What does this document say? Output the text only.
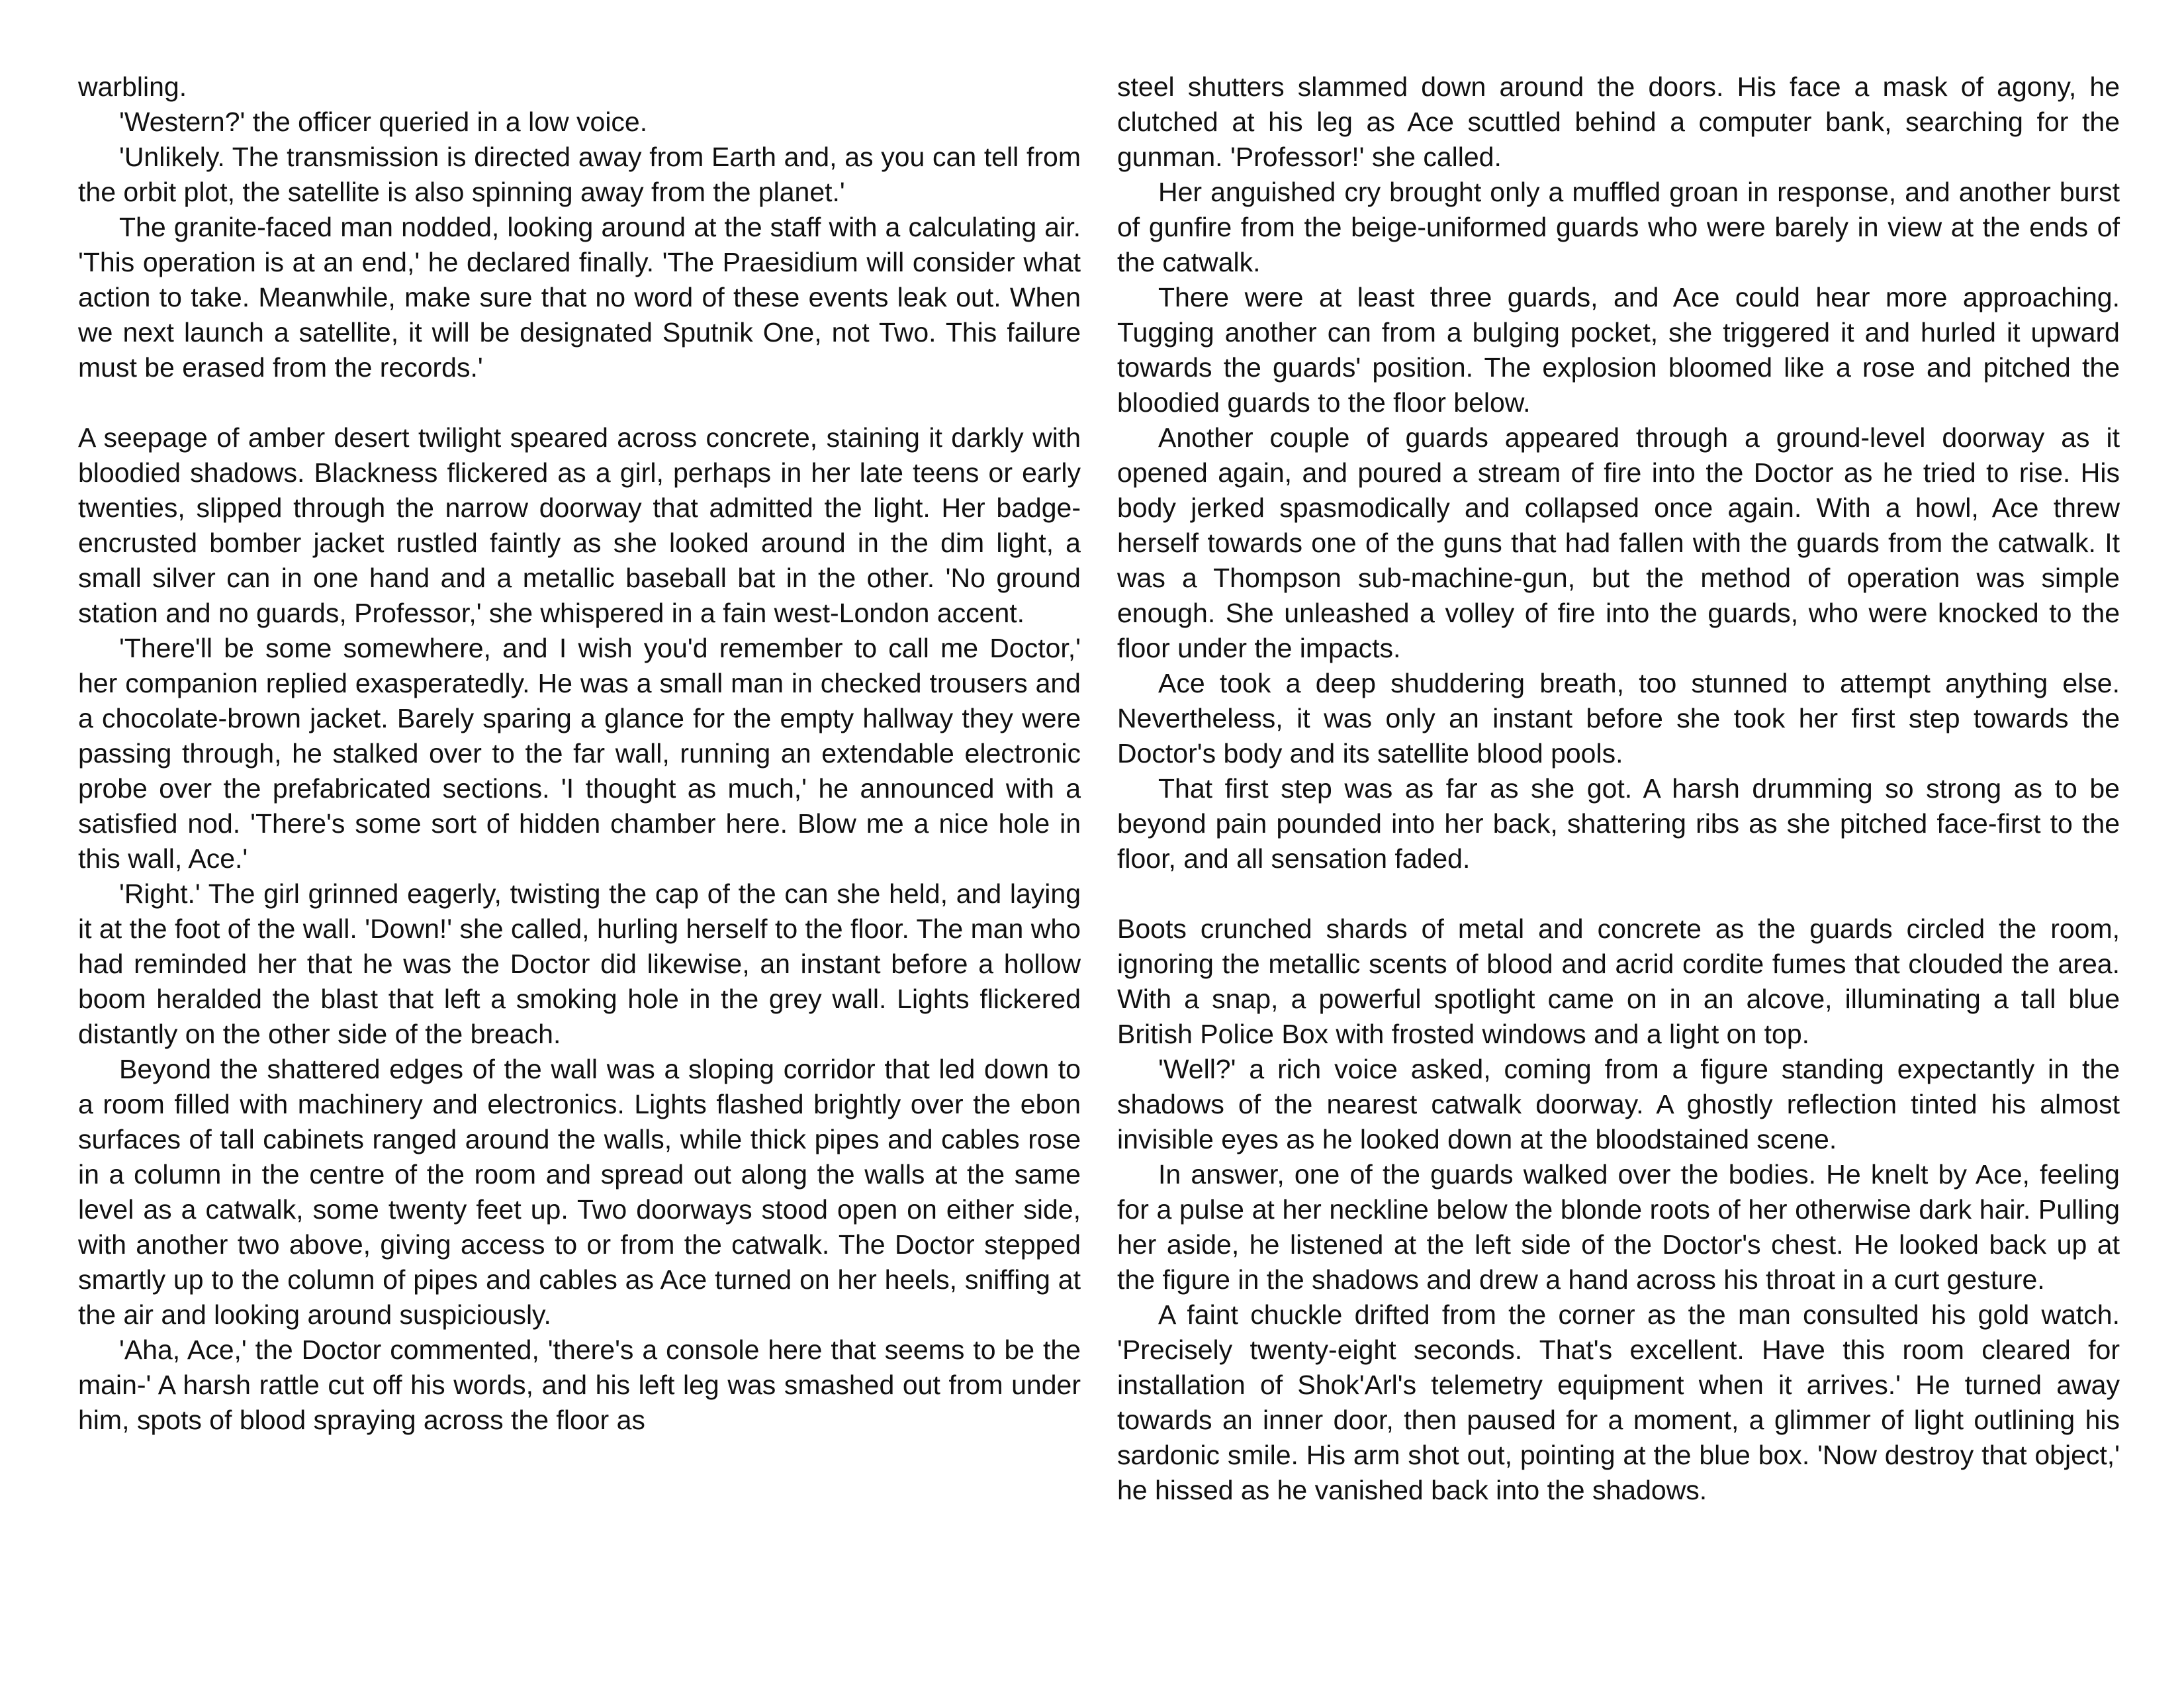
warbling.

'Western?' the officer queried in a low voice.

'Unlikely. The transmission is directed away from Earth and, as you can tell from the orbit plot, the satellite is also spinning away from the planet.'

The granite-faced man nodded, looking around at the staff with a calculating air. 'This operation is at an end,' he declared finally. 'The Praesidium will consider what action to take. Meanwhile, make sure that no word of these events leak out. When we next launch a satellite, it will be designated Sputnik One, not Two. This failure must be erased from the records.'

A seepage of amber desert twilight speared across concrete, staining it darkly with bloodied shadows. Blackness flickered as a girl, perhaps in her late teens or early twenties, slipped through the narrow doorway that admitted the light. Her badge-encrusted bomber jacket rustled faintly as she looked around in the dim light, a small silver can in one hand and a metallic baseball bat in the other. 'No ground station and no guards, Professor,' she whispered in a fain west-London accent.

'There'll be some somewhere, and I wish you'd remember to call me Doctor,' her companion replied exasperatedly. He was a small man in checked trousers and a chocolate-brown jacket. Barely sparing a glance for the empty hallway they were passing through, he stalked over to the far wall, running an extendable electronic probe over the prefabricated sections. 'I thought as much,' he announced with a satisfied nod. 'There's some sort of hidden chamber here. Blow me a nice hole in this wall, Ace.'

'Right.' The girl grinned eagerly, twisting the cap of the can she held, and laying it at the foot of the wall. 'Down!' she called, hurling herself to the floor. The man who had reminded her that he was the Doctor did likewise, an instant before a hollow boom heralded the blast that left a smoking hole in the grey wall. Lights flickered distantly on the other side of the breach.

Beyond the shattered edges of the wall was a sloping corridor that led down to a room filled with machinery and electronics. Lights flashed brightly over the ebon surfaces of tall cabinets ranged around the walls, while thick pipes and cables rose in a column in the centre of the room and spread out along the walls at the same level as a catwalk, some twenty feet up. Two doorways stood open on either side, with another two above, giving access to or from the catwalk. The Doctor stepped smartly up to the column of pipes and cables as Ace turned on her heels, sniffing at the air and looking around suspiciously.

'Aha, Ace,' the Doctor commented, 'there's a console here that seems to be the main-' A harsh rattle cut off his words, and his left leg was smashed out from under him, spots of blood spraying across the floor as

steel shutters slammed down around the doors. His face a mask of agony, he clutched at his leg as Ace scuttled behind a computer bank, searching for the gunman. 'Professor!' she called.

Her anguished cry brought only a muffled groan in response, and another burst of gunfire from the beige-uniformed guards who were barely in view at the ends of the catwalk.

There were at least three guards, and Ace could hear more approaching. Tugging another can from a bulging pocket, she triggered it and hurled it upward towards the guards' position. The explosion bloomed like a rose and pitched the bloodied guards to the floor below.

Another couple of guards appeared through a ground-level doorway as it opened again, and poured a stream of fire into the Doctor as he tried to rise. His body jerked spasmodically and collapsed once again. With a howl, Ace threw herself towards one of the guns that had fallen with the guards from the catwalk. It was a Thompson sub-machine-gun, but the method of operation was simple enough. She unleashed a volley of fire into the guards, who were knocked to the floor under the impacts.

Ace took a deep shuddering breath, too stunned to attempt anything else. Nevertheless, it was only an instant before she took her first step towards the Doctor's body and its satellite blood pools.

That first step was as far as she got. A harsh drumming so strong as to be beyond pain pounded into her back, shattering ribs as she pitched face-first to the floor, and all sensation faded.

Boots crunched shards of metal and concrete as the guards circled the room, ignoring the metallic scents of blood and acrid cordite fumes that clouded the area. With a snap, a powerful spotlight came on in an alcove, illuminating a tall blue British Police Box with frosted windows and a light on top.

'Well?' a rich voice asked, coming from a figure standing expectantly in the shadows of the nearest catwalk doorway. A ghostly reflection tinted his almost invisible eyes as he looked down at the bloodstained scene.

In answer, one of the guards walked over the bodies. He knelt by Ace, feeling for a pulse at her neckline below the blonde roots of her otherwise dark hair. Pulling her aside, he listened at the left side of the Doctor's chest. He looked back up at the figure in the shadows and drew a hand across his throat in a curt gesture.

A faint chuckle drifted from the corner as the man consulted his gold watch. 'Precisely twenty-eight seconds. That's excellent. Have this room cleared for installation of Shok'Arl's telemetry equipment when it arrives.' He turned away towards an inner door, then paused for a moment, a glimmer of light outlining his sardonic smile. His arm shot out, pointing at the blue box. 'Now destroy that object,' he hissed as he vanished back into the shadows.
